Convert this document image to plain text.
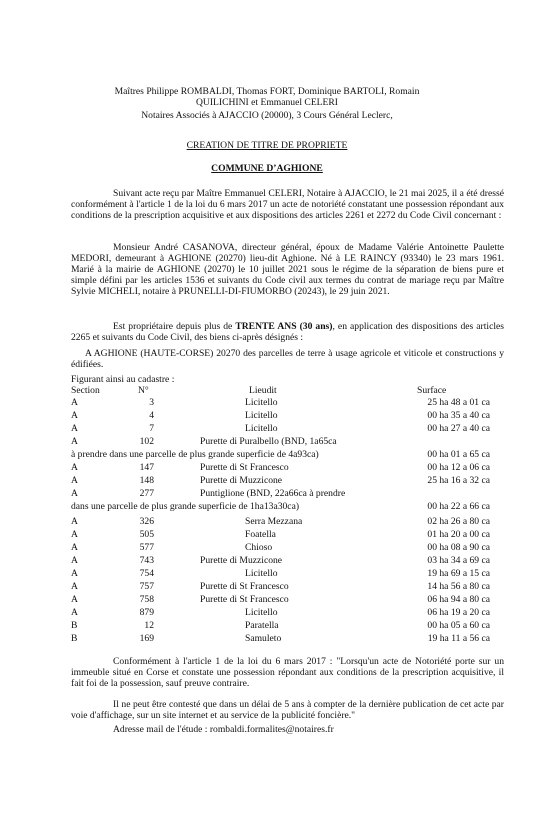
Maîtres Philippe ROMBALDI, Thomas FORT, Dominique BARTOLI, Romain
QUILICHINI et Emmanuel CELERI
Notaires Associés à AJACCIO (20000), 3 Cours Général Leclerc,
CREATION DE TITRE DE PROPRIETE
COMMUNE D’AGHIONE
Suivant acte reçu par Maître Emmanuel CELERI, Notaire à AJACCIO, le 21 mai 2025, il a été dressé conformément à l'article 1 de la loi du 6 mars 2017 un acte de notoriété constatant une possession répondant aux conditions de la prescription acquisitive et aux dispositions des articles 2261 et 2272 du Code Civil concernant :
Monsieur André CASANOVA, directeur général, époux de Madame Valérie Antoinette Paulette MEDORI, demeurant à AGHIONE (20270) lieu-dit Aghione. Né à LE RAINCY (93340) le 23 mars 1961. Marié à la mairie de AGHIONE (20270) le 10 juillet 2021 sous le régime de la séparation de biens pure et simple défini par les articles 1536 et suivants du Code civil aux termes du contrat de mariage reçu par Maître Sylvie MICHELI, notaire à PRUNELLI-DI-FIUMORBO (20243), le 29 juin 2021.
Est propriétaire depuis plus de TRENTE ANS (30 ans), en application des dispositions des articles 2265 et suivants du Code Civil, des biens ci-après désignés :
A AGHIONE (HAUTE-CORSE) 20270 des parcelles de terre à usage agricole et viticole et constructions y édifiées.
Figurant ainsi au cadastre :
Section	N°	Lieudit	Surface
A	3	Licitello	25 ha 48 a 01 ca
A	4	Licitello	00 ha 35 a 40 ca
A	7	Licitello	00 ha 27 a 40 ca
A	102	Purette di Puralbello (BND, 1a65ca
à prendre dans une parcelle de plus grande superficie de 4a93ca)	00 ha 01 a 65 ca
A	147	Purette di St Francesco	00 ha 12 a 06 ca
A	148	Purette di Muzzicone	25 ha 16 a 32 ca
A	277	Puntiglione (BND, 22a66ca à prendre
dans une parcelle de plus grande superficie de 1ha13a30ca)	00 ha 22 a 66 ca
A	326	Serra Mezzana	02 ha 26 a 80 ca
A	505	Foatella	01 ha 20 a 00 ca
A	577	Chioso	00 ha 08 a 90 ca
A	743	Purette di Muzzicone	03 ha 34 a 69 ca
A	754	Licitello	19 ha 69 a 15 ca
A	757	Purette di St Francesco	14 ha 56 a 80 ca
A	758	Purette di St Francesco	06 ha 94 a 80 ca
A	879	Licitello	06 ha 19 a 20 ca
B	12	Paratella	00 ha 05 a 60 ca
B	169	Samuleto	19 ha 11 a 56 ca
Conformément à l'article 1 de la loi du 6 mars 2017 : "Lorsqu'un acte de Notoriété porte sur un immeuble situé en Corse et constate une possession répondant aux conditions de la prescription acquisitive, il fait foi de la possession, sauf preuve contraire.
Il ne peut être contesté que dans un délai de 5 ans à compter de la dernière publication de cet acte par voie d'affichage, sur un site internet et au service de la publicité foncière."
Adresse mail de l'étude : rombaldi.formalites@notaires.fr
